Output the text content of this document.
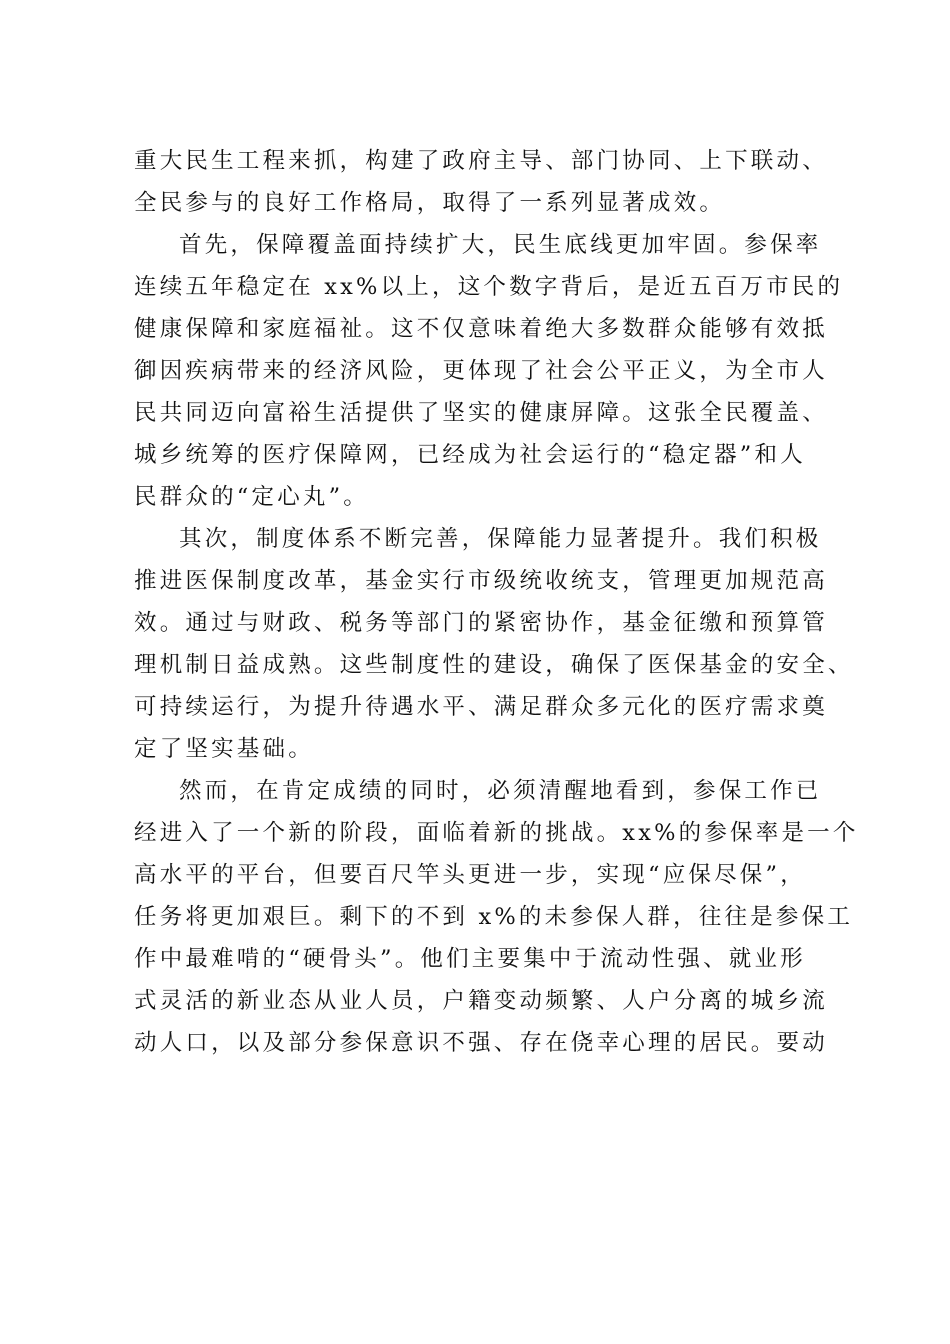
重大民生工程来抓，构建了政府主导、部门协同、上下联动、
全民参与的良好工作格局，取得了一系列显著成效。
首先，保障覆盖面持续扩大，民生底线更加牢固。参保率
连续五年稳定在 xx%以上，这个数字背后，是近五百万市民的
健康保障和家庭福祉。这不仅意味着绝大多数群众能够有效抵
御因疾病带来的经济风险，更体现了社会公平正义，为全市人
民共同迈向富裕生活提供了坚实的健康屏障。这张全民覆盖、
城乡统筹的医疗保障网，已经成为社会运行的“稳定器”和人
民群众的“定心丸”。
其次，制度体系不断完善，保障能力显著提升。我们积极
推进医保制度改革，基金实行市级统收统支，管理更加规范高
效。通过与财政、税务等部门的紧密协作，基金征缴和预算管
理机制日益成熟。这些制度性的建设，确保了医保基金的安全、
可持续运行，为提升待遇水平、满足群众多元化的医疗需求奠
定了坚实基础。
然而，在肯定成绩的同时，必须清醒地看到，参保工作已
经进入了一个新的阶段，面临着新的挑战。xx%的参保率是一个
高水平的平台，但要百尺竿头更进一步，实现“应保尽保”，
任务将更加艰巨。剩下的不到 x%的未参保人群，往往是参保工
作中最难啃的“硬骨头”。他们主要集中于流动性强、就业形
式灵活的新业态从业人员，户籍变动频繁、人户分离的城乡流
动人口，以及部分参保意识不强、存在侥幸心理的居民。要动
